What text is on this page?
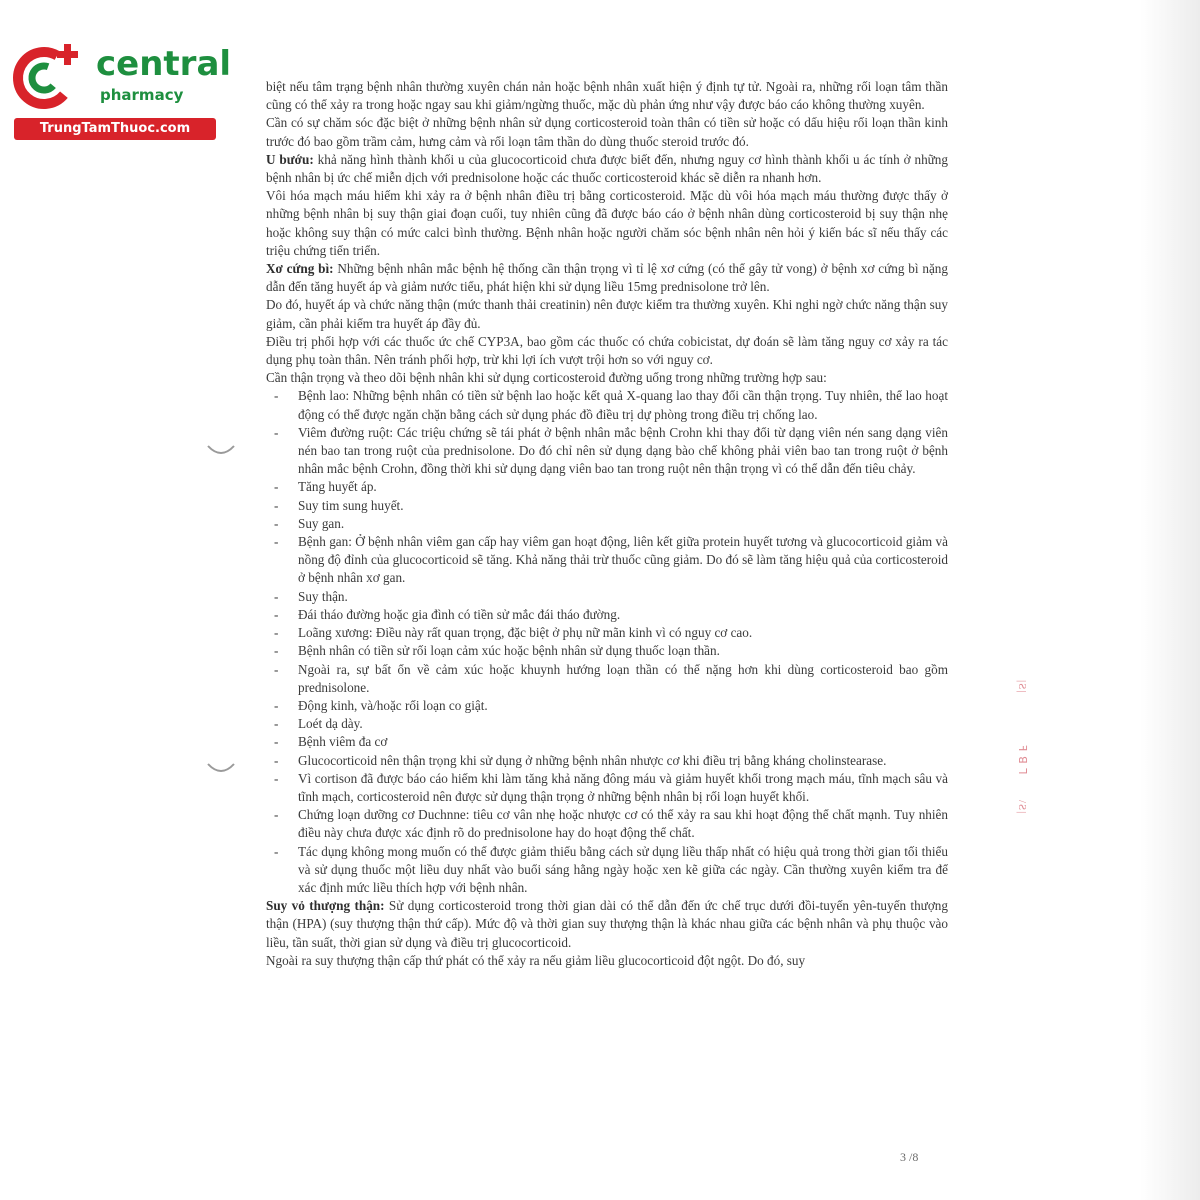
central
pharmacy
TrungTamThuoc.com
|Ƨ|
ꟻ ꓭ ꓶ
/Ƨ|

biệt nếu tâm trạng bệnh nhân thường xuyên chán nản hoặc bệnh nhân xuất hiện ý định tự tử. Ngoài ra, những rối loạn tâm thần cũng có thể xảy ra trong hoặc ngay sau khi giảm/ngừng thuốc, mặc dù phản ứng như vậy được báo cáo không thường xuyên.

Cần có sự chăm sóc đặc biệt ở những bệnh nhân sử dụng corticosteroid toàn thân có tiền sử hoặc có dấu hiệu rối loạn thần kinh trước đó bao gồm trầm cảm, hưng cảm và rối loạn tâm thần do dùng thuốc steroid trước đó.

U bướu: khả năng hình thành khối u của glucocorticoid chưa được biết đến, nhưng nguy cơ hình thành khối u ác tính ở những bệnh nhân bị ức chế miễn dịch với prednisolone hoặc các thuốc corticosteroid khác sẽ diễn ra nhanh hơn.

Vôi hóa mạch máu hiếm khi xảy ra ở bệnh nhân điều trị bằng corticosteroid. Mặc dù vôi hóa mạch máu thường được thấy ở những bệnh nhân bị suy thận giai đoạn cuối, tuy nhiên cũng đã được báo cáo ở bệnh nhân dùng corticosteroid bị suy thận nhẹ hoặc không suy thận có mức calci bình thường. Bệnh nhân hoặc người chăm sóc bệnh nhân nên hỏi ý kiến bác sĩ nếu thấy các triệu chứng tiến triển.

Xơ cứng bì: Những bệnh nhân mắc bệnh hệ thống cần thận trọng vì tỉ lệ xơ cứng (có thể gây tử vong) ở bệnh xơ cứng bì nặng dẫn đến tăng huyết áp và giảm nước tiểu, phát hiện khi sử dụng liều 15mg prednisolone trở lên.

Do đó, huyết áp và chức năng thận (mức thanh thải creatinin) nên được kiểm tra thường xuyên. Khi nghi ngờ chức năng thận suy giảm, cần phải kiểm tra huyết áp đầy đủ.

Điều trị phối hợp với các thuốc ức chế CYP3A, bao gồm các thuốc có chứa cobicistat, dự đoán sẽ làm tăng nguy cơ xảy ra tác dụng phụ toàn thân. Nên tránh phối hợp, trừ khi lợi ích vượt trội hơn so với nguy cơ.

Cần thận trọng và theo dõi bệnh nhân khi sử dụng corticosteroid đường uống trong những trường hợp sau:

- Bệnh lao: Những bệnh nhân có tiền sử bệnh lao hoặc kết quả X-quang lao thay đổi cần thận trọng. Tuy nhiên, thể lao hoạt động có thể được ngăn chặn bằng cách sử dụng phác đồ điều trị dự phòng trong điều trị chống lao.
- Viêm đường ruột: Các triệu chứng sẽ tái phát ở bệnh nhân mắc bệnh Crohn khi thay đổi từ dạng viên nén sang dạng viên nén bao tan trong ruột của prednisolone. Do đó chỉ nên sử dụng dạng bào chế không phải viên bao tan trong ruột ở bệnh nhân mắc bệnh Crohn, đồng thời khi sử dụng dạng viên bao tan trong ruột nên thận trọng vì có thể dẫn đến tiêu chảy.
- Tăng huyết áp.
- Suy tim sung huyết.
- Suy gan.
- Bệnh gan: Ở bệnh nhân viêm gan cấp hay viêm gan hoạt động, liên kết giữa protein huyết tương và glucocorticoid giảm và nồng độ đỉnh của glucocorticoid sẽ tăng. Khả năng thải trừ thuốc cũng giảm. Do đó sẽ làm tăng hiệu quả của corticosteroid ở bệnh nhân xơ gan.
- Suy thận.
- Đái tháo đường hoặc gia đình có tiền sử mắc đái tháo đường.
- Loãng xương: Điều này rất quan trọng, đặc biệt ở phụ nữ mãn kinh vì có nguy cơ cao.
- Bệnh nhân có tiền sử rối loạn cảm xúc hoặc bệnh nhân sử dụng thuốc loạn thần.
- Ngoài ra, sự bất ổn về cảm xúc hoặc khuynh hướng loạn thần có thể nặng hơn khi dùng corticosteroid bao gồm prednisolone.
- Động kinh, và/hoặc rối loạn co giật.
- Loét dạ dày.
- Bệnh viêm đa cơ
- Glucocorticoid nên thận trọng khi sử dụng ở những bệnh nhân nhược cơ khi điều trị bằng kháng cholinstearase.
- Vì cortison đã được báo cáo hiếm khi làm tăng khả năng đông máu và giảm huyết khối trong mạch máu, tĩnh mạch sâu và tĩnh mạch, corticosteroid nên được sử dụng thận trọng ở những bệnh nhân bị rối loạn huyết khối.
- Chứng loạn dưỡng cơ Duchnne: tiêu cơ vân nhẹ hoặc nhược cơ có thể xảy ra sau khi hoạt động thể chất mạnh. Tuy nhiên điều này chưa được xác định rõ do prednisolone hay do hoạt động thể chất.
- Tác dụng không mong muốn có thể được giảm thiểu bằng cách sử dụng liều thấp nhất có hiệu quả trong thời gian tối thiểu và sử dụng thuốc một liều duy nhất vào buổi sáng hằng ngày hoặc xen kẽ giữa các ngày. Cần thường xuyên kiểm tra để xác định mức liều thích hợp với bệnh nhân.

Suy vỏ thượng thận: Sử dụng corticosteroid trong thời gian dài có thể dẫn đến ức chế trục dưới đồi-tuyến yên-tuyến thượng thận (HPA) (suy thượng thận thứ cấp). Mức độ và thời gian suy thượng thận là khác nhau giữa các bệnh nhân và phụ thuộc vào liều, tần suất, thời gian sử dụng và điều trị glucocorticoid.

Ngoài ra suy thượng thận cấp thứ phát có thể xảy ra nếu giảm liều glucocorticoid đột ngột. Do đó, suy

3 /8
